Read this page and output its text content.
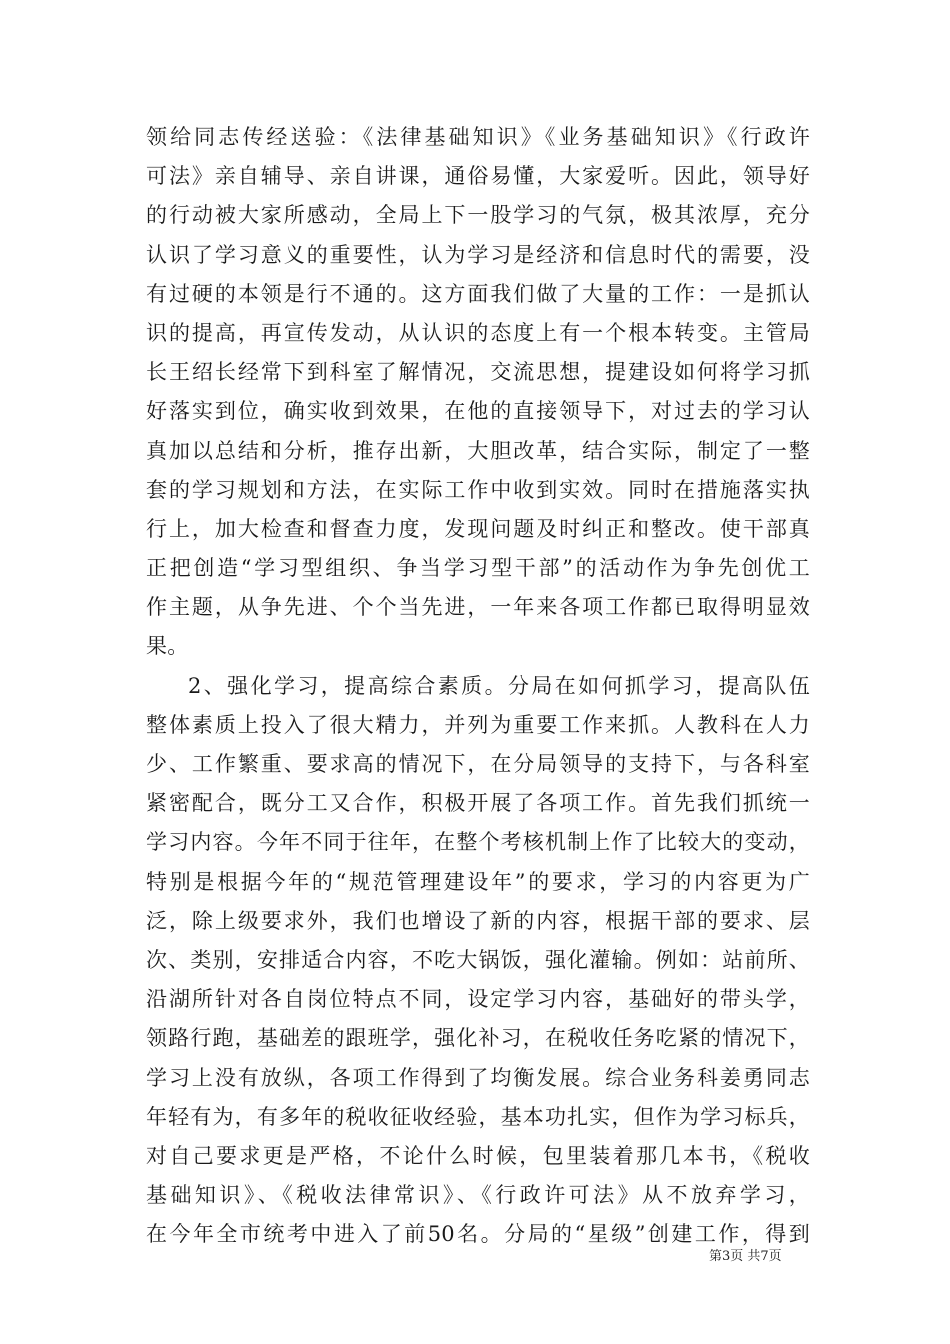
领给同志传经送验：《法律基础知识》《业务基础知识》《行政许
可法》亲自辅导、亲自讲课，通俗易懂，大家爱听。因此，领导好
的行动被大家所感动，全局上下一股学习的气氛，极其浓厚，充分
认识了学习意义的重要性，认为学习是经济和信息时代的需要，没
有过硬的本领是行不通的。这方面我们做了大量的工作：一是抓认
识的提高，再宣传发动，从认识的态度上有一个根本转变。主管局
长王绍长经常下到科室了解情况，交流思想，提建设如何将学习抓
好落实到位，确实收到效果，在他的直接领导下，对过去的学习认
真加以总结和分析，推存出新，大胆改革，结合实际，制定了一整
套的学习规划和方法，在实际工作中收到实效。同时在措施落实执
行上，加大检查和督查力度，发现问题及时纠正和整改。使干部真
正把创造“学习型组织、争当学习型干部”的活动作为争先创优工
作主题，从争先进、个个当先进，一年来各项工作都已取得明显效
果。
2、强化学习，提高综合素质。分局在如何抓学习，提高队伍
整体素质上投入了很大精力，并列为重要工作来抓。人教科在人力
少、工作繁重、要求高的情况下，在分局领导的支持下，与各科室
紧密配合，既分工又合作，积极开展了各项工作。首先我们抓统一
学习内容。今年不同于往年，在整个考核机制上作了比较大的变动，
特别是根据今年的“规范管理建设年”的要求，学习的内容更为广
泛，除上级要求外，我们也增设了新的内容，根据干部的要求、层
次、类别，安排适合内容，不吃大锅饭，强化灌输。例如：站前所、
沿湖所针对各自岗位特点不同，设定学习内容，基础好的带头学，
领路行跑，基础差的跟班学，强化补习，在税收任务吃紧的情况下，
学习上没有放纵，各项工作得到了均衡发展。综合业务科姜勇同志
年轻有为，有多年的税收征收经验，基本功扎实，但作为学习标兵，
对自己要求更是严格，不论什么时候，包里装着那几本书，《税收
基础知识》、《税收法律常识》、《行政许可法》从不放弃学习，
在今年全市统考中进入了前50名。分局的“星级”创建工作，得到
第3页 共7页
